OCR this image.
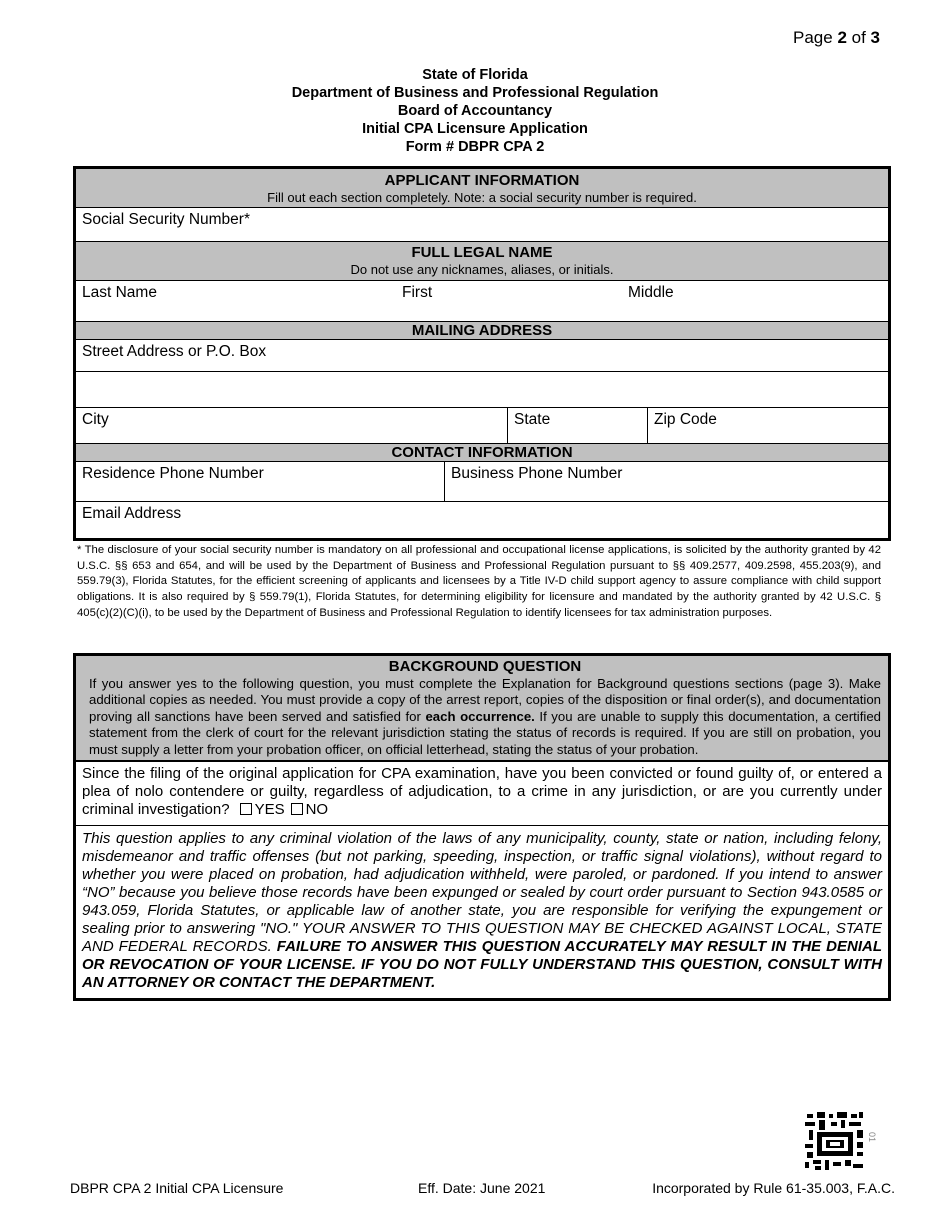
Page 2 of 3
State of Florida
Department of Business and Professional Regulation
Board of Accountancy
Initial CPA Licensure Application
Form # DBPR CPA 2
APPLICANT INFORMATION
Fill out each section completely. Note: a social security number is required.
Social Security Number*
FULL LEGAL NAME
Do not use any nicknames, aliases, or initials.
Last Name	First	Middle
MAILING ADDRESS
Street Address or P.O. Box
City	State	Zip Code
CONTACT INFORMATION
Residence Phone Number	Business Phone Number
Email Address
* The disclosure of your social security number is mandatory on all professional and occupational license applications, is solicited by the authority granted by 42 U.S.C. §§ 653 and 654, and will be used by the Department of Business and Professional Regulation pursuant to §§ 409.2577, 409.2598, 455.203(9), and 559.79(3), Florida Statutes, for the efficient screening of applicants and licensees by a Title IV-D child support agency to assure compliance with child support obligations. It is also required by § 559.79(1), Florida Statutes, for determining eligibility for licensure and mandated by the authority granted by 42 U.S.C. § 405(c)(2)(C)(i), to be used by the Department of Business and Professional Regulation to identify licensees for tax administration purposes.
BACKGROUND QUESTION
If you answer yes to the following question, you must complete the Explanation for Background questions sections (page 3). Make additional copies as needed. You must provide a copy of the arrest report, copies of the disposition or final order(s), and documentation proving all sanctions have been served and satisfied for each occurrence. If you are unable to supply this documentation, a certified statement from the clerk of court for the relevant jurisdiction stating the status of records is required. If you are still on probation, you must supply a letter from your probation officer, on official letterhead, stating the status of your probation.
Since the filing of the original application for CPA examination, have you been convicted or found guilty of, or entered a plea of nolo contendere or guilty, regardless of adjudication, to a crime in any jurisdiction, or are you currently under criminal investigation? YES NO
This question applies to any criminal violation of the laws of any municipality, county, state or nation, including felony, misdemeanor and traffic offenses (but not parking, speeding, inspection, or traffic signal violations), without regard to whether you were placed on probation, had adjudication withheld, were paroled, or pardoned. If you intend to answer “NO” because you believe those records have been expunged or sealed by court order pursuant to Section 943.0585 or 943.059, Florida Statutes, or applicable law of another state, you are responsible for verifying the expungement or sealing prior to answering "NO." YOUR ANSWER TO THIS QUESTION MAY BE CHECKED AGAINST LOCAL, STATE AND FEDERAL RECORDS. FAILURE TO ANSWER THIS QUESTION ACCURATELY MAY RESULT IN THE DENIAL OR REVOCATION OF YOUR LICENSE. IF YOU DO NOT FULLY UNDERSTAND THIS QUESTION, CONSULT WITH AN ATTORNEY OR CONTACT THE DEPARTMENT.
01
DBPR CPA 2 Initial CPA Licensure	Eff. Date: June 2021	Incorporated by Rule 61-35.003, F.A.C.
